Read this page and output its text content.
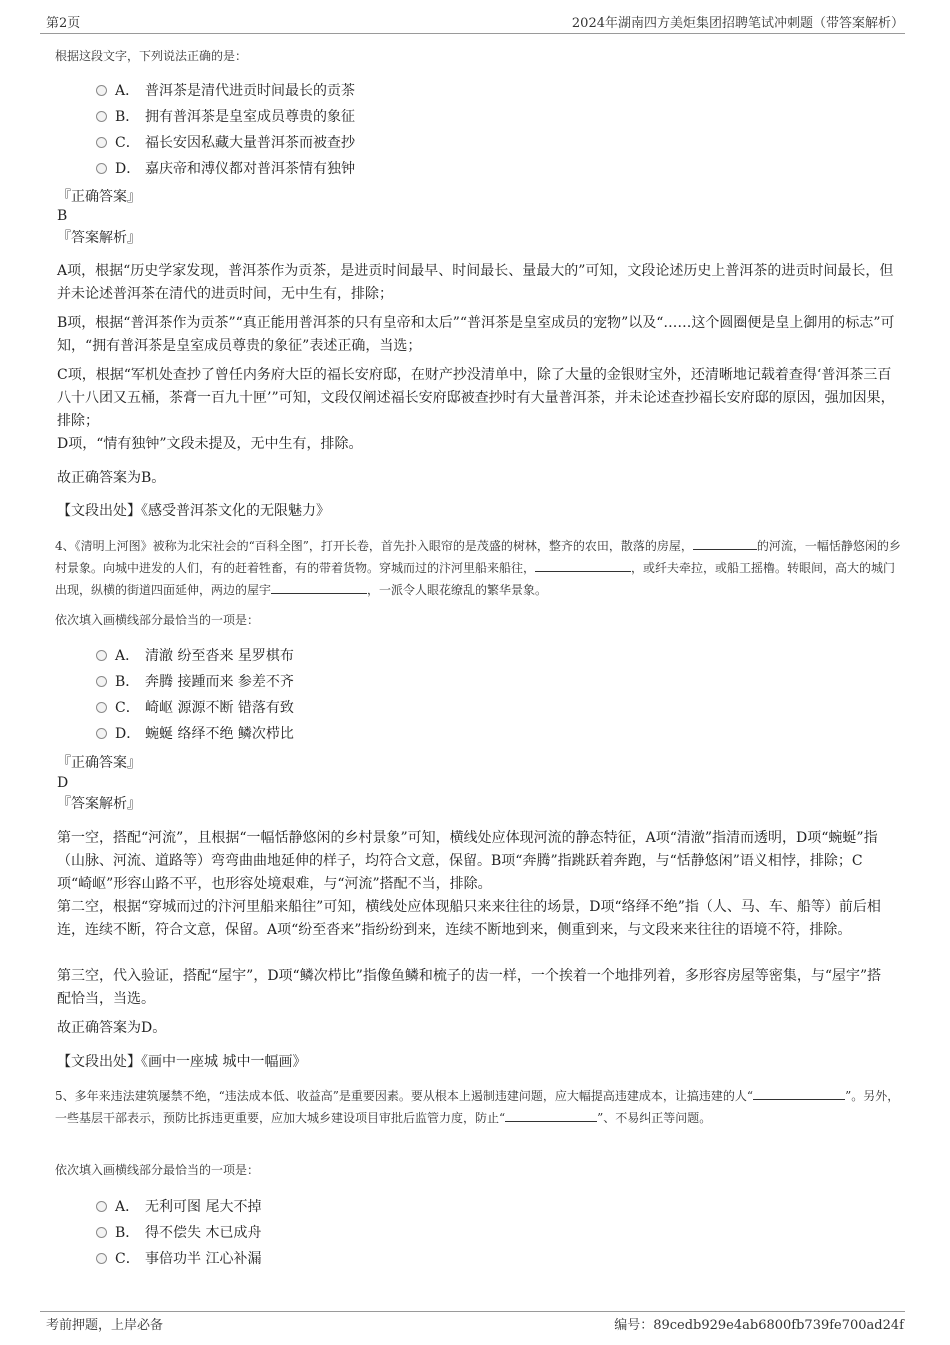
第2页	2024年湖南四方美炬集团招聘笔试冲刺题（带答案解析）
根据这段文字，下列说法正确的是：
A． 普洱茶是清代进贡时间最长的贡茶
B． 拥有普洱茶是皇室成员尊贵的象征
C． 福长安因私藏大量普洱茶而被查抄
D． 嘉庆帝和溥仪都对普洱茶情有独钟
『正确答案』
B
『答案解析』
A项，根据“历史学家发现，普洱茶作为贡茶，是进贡时间最早、时间最长、量最大的”可知，文段论述历史上普洱茶的进贡时间最长，但并未论述普洱茶在清代的进贡时间，无中生有，排除；
B项，根据“普洱茶作为贡茶”“真正能用普洱茶的只有皇帝和太后”“普洱茶是皇室成员的宠物”以及“……这个圆圈便是皇上御用的标志”可知，“拥有普洱茶是皇室成员尊贵的象征”表述正确，当选；
C项，根据“军机处查抄了曾任内务府大臣的福长安府邸，在财产抄没清单中，除了大量的金银财宝外，还清晰地记载着查得‘普洱茶三百八十八团又五桶，茶膏一百九十匣’”可知，文段仅阐述福长安府邸被查抄时有大量普洱茶，并未论述查抄福长安府邸的原因，强加因果，排除；
D项，“情有独钟”文段未提及，无中生有，排除。
故正确答案为B。
【文段出处】《感受普洱茶文化的无限魅力》
4、《清明上河图》被称为北宋社会的“百科全图”，打开长卷，首先扑入眼帘的是茂盛的树林，整齐的农田，散落的房屋，	的河流，一幅恬静悠闲的乡村景象。向城中进发的人们，有的赶着牲畜，有的带着货物。穿城而过的汴河里船来船往，	，或纤夫牵拉，或船工摇橹。转眼间，高大的城门出现，纵横的街道四面延伸，两边的屋宇	，一派令人眼花缭乱的繁华景象。
依次填入画横线部分最恰当的一项是：
A． 清澈 纷至沓来 星罗棋布
B． 奔腾 接踵而来 参差不齐
C． 崎岖 源源不断 错落有致
D． 蜿蜒 络绎不绝 鳞次栉比
『正确答案』
D
『答案解析』
第一空，搭配“河流”，且根据“一幅恬静悠闲的乡村景象”可知，横线处应体现河流的静态特征，A项“清澈”指清而透明，D项“蜿蜒”指（山脉、河流、道路等）弯弯曲曲地延伸的样子，均符合文意，保留。B项“奔腾”指跳跃着奔跑，与“恬静悠闲”语义相悖，排除；C项“崎岖”形容山路不平，也形容处境艰难，与“河流”搭配不当，排除。
第二空，根据“穿城而过的汴河里船来船往”可知，横线处应体现船只来来往往的场景，D项“络绎不绝”指（人、马、车、船等）前后相连，连续不断，符合文意，保留。A项“纷至沓来”指纷纷到来，连续不断地到来，侧重到来，与文段来来往往的语境不符，排除。
第三空，代入验证，搭配“屋宇”，D项“鳞次栉比”指像鱼鳞和梳子的齿一样，一个挨着一个地排列着，多形容房屋等密集，与“屋宇”搭配恰当，当选。
故正确答案为D。
【文段出处】《画中一座城 城中一幅画》
5、多年来违法建筑屡禁不绝，“违法成本低、收益高”是重要因素。要从根本上遏制违建问题，应大幅提高违建成本，让搞违建的人“	”。另外，一些基层干部表示，预防比拆违更重要，应加大城乡建设项目审批后监管力度，防止“	”、不易纠正等问题。
依次填入画横线部分最恰当的一项是：
A． 无利可图 尾大不掉
B． 得不偿失 木已成舟
C． 事倍功半 江心补漏
考前押题，上岸必备	编号：89cedb929e4ab6800fb739fe700ad24f
